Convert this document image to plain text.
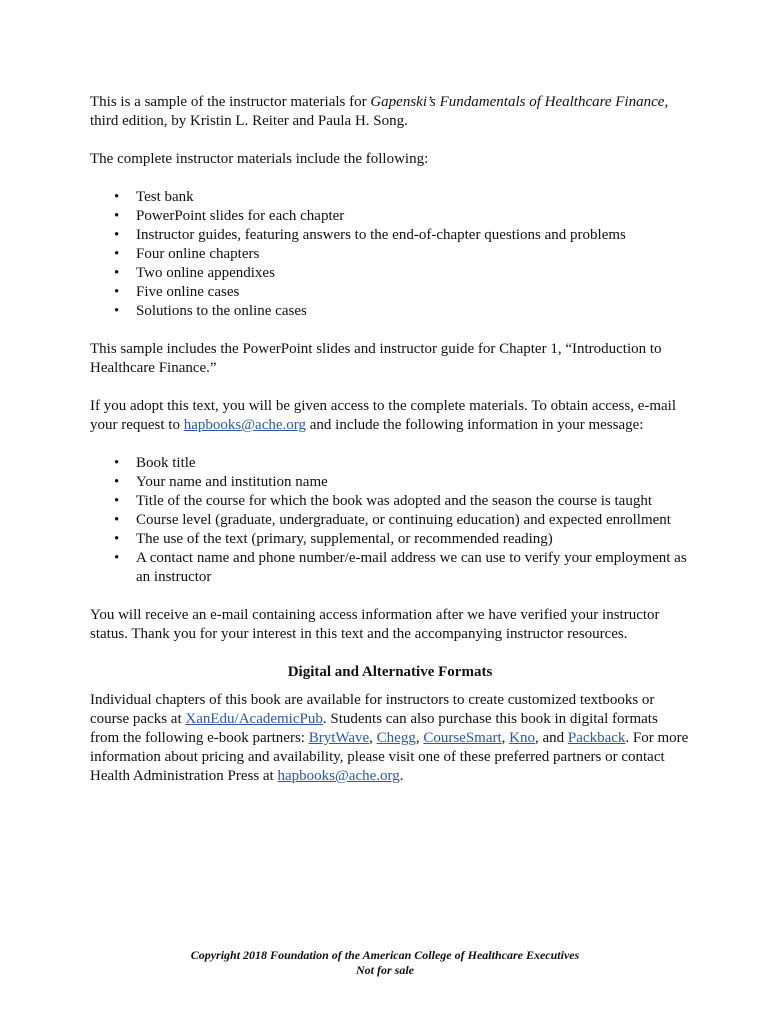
This is a sample of the instructor materials for Gapenski’s Fundamentals of Healthcare Finance, third edition, by Kristin L. Reiter and Paula H. Song.

The complete instructor materials include the following:

• Test bank
• PowerPoint slides for each chapter
• Instructor guides, featuring answers to the end-of-chapter questions and problems
• Four online chapters
• Two online appendixes
• Five online cases
• Solutions to the online cases

This sample includes the PowerPoint slides and instructor guide for Chapter 1, “Introduction to Healthcare Finance.”

If you adopt this text, you will be given access to the complete materials. To obtain access, e-mail your request to hapbooks@ache.org and include the following information in your message:

• Book title
• Your name and institution name
• Title of the course for which the book was adopted and the season the course is taught
• Course level (graduate, undergraduate, or continuing education) and expected enrollment
• The use of the text (primary, supplemental, or recommended reading)
• A contact name and phone number/e-mail address we can use to verify your employment as an instructor

You will receive an e-mail containing access information after we have verified your instructor status. Thank you for your interest in this text and the accompanying instructor resources.

Digital and Alternative Formats

Individual chapters of this book are available for instructors to create customized textbooks or course packs at XanEdu/AcademicPub. Students can also purchase this book in digital formats from the following e-book partners: BrytWave, Chegg, CourseSmart, Kno, and Packback. For more information about pricing and availability, please visit one of these preferred partners or contact Health Administration Press at hapbooks@ache.org.

Copyright 2018 Foundation of the American College of Healthcare Executives
Not for sale
